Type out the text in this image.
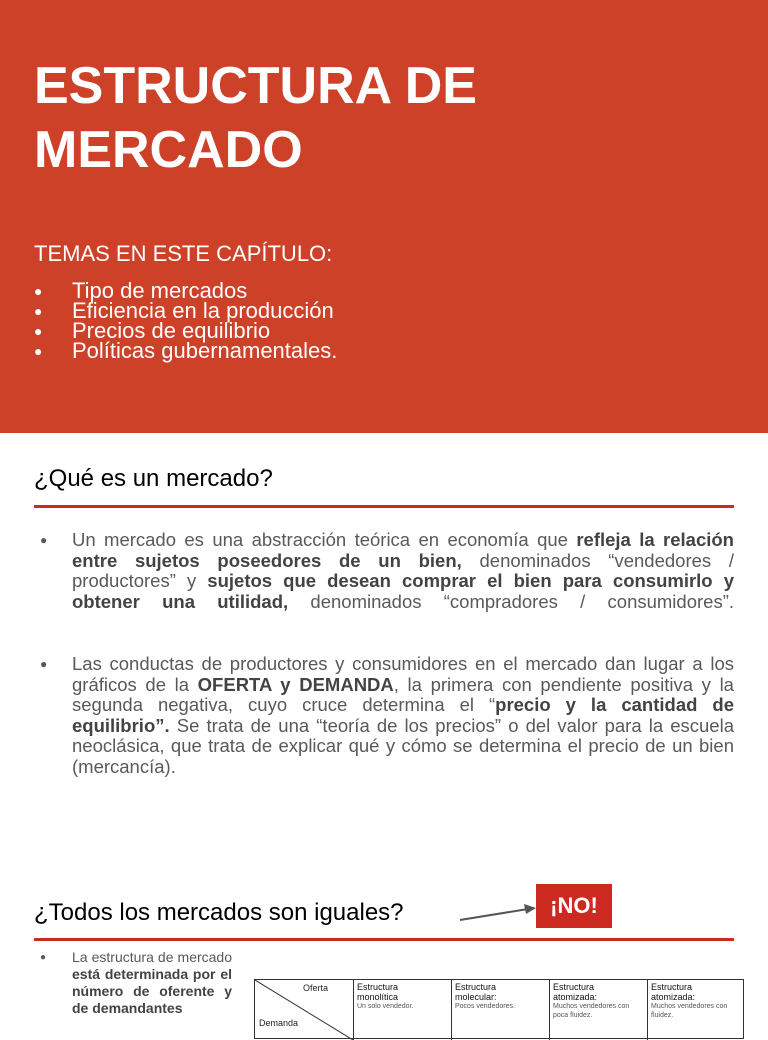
ESTRUCTURA DE
MERCADO

TEMAS EN ESTE CAPÍTULO:

● Tipo de mercados
● Eficiencia en la producción
● Precios de equilibrio
● Políticas gubernamentales.
¿Qué es un mercado?
● Un mercado es una abstracción teórica en economía que refleja la relación entre sujetos poseedores de un bien, denominados “vendedores / productores” y sujetos que desean comprar el bien para consumirlo y obtener una utilidad, denominados “compradores / consumidores”.

● Las conductas de productores y consumidores en el mercado dan lugar a los gráficos de la OFERTA y DEMANDA, la primera con pendiente positiva y la segunda negativa, cuyo cruce determina el “precio y la cantidad de equilibrio”. Se trata de una “teoría de los precios” o del valor para la escuela neoclásica, que trata de explicar qué y cómo se determina el precio de un bien (mercancía).

¿Todos los mercados son iguales?	¡NO!
● La estructura de mercado está determinada por el número de oferente y de demandantes

Oferta
Demanda
Estructura
monolítica
Un solo vendedor.
Estructura
molecular:
Pocos vendedores.
Estructura
atomizada:
Muchos vendedores con poca fluidez.
Estructura
atomizada:
Muchos vendedores con fluidez.
